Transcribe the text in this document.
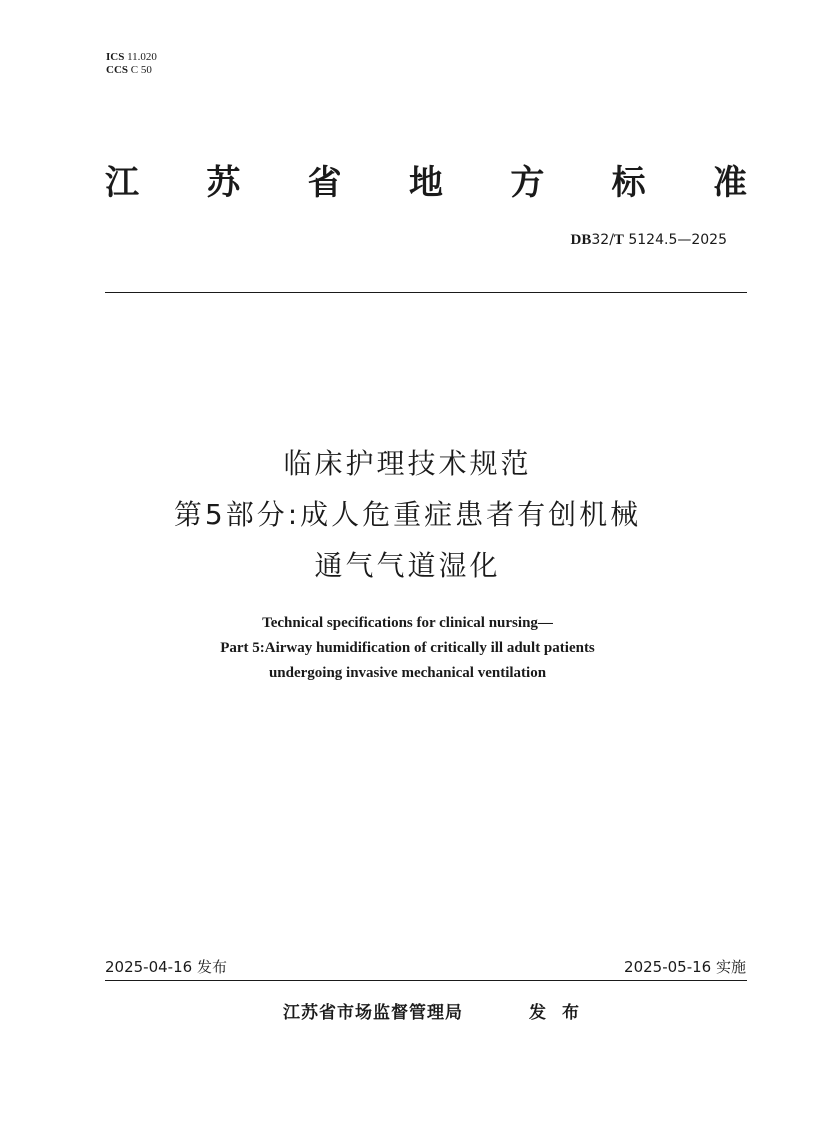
ICS 11.020
CCS C 50
江 苏 省 地 方 标 准
DB32/T 5124.5—2025
临床护理技术规范
第5部分:成人危重症患者有创机械
通气气道湿化
Technical specifications for clinical nursing—
Part 5:Airway humidification of critically ill adult patients
undergoing invasive mechanical ventilation
2025-04-16 发布	2025-05-16 实施
江苏省市场监督管理局	发布
